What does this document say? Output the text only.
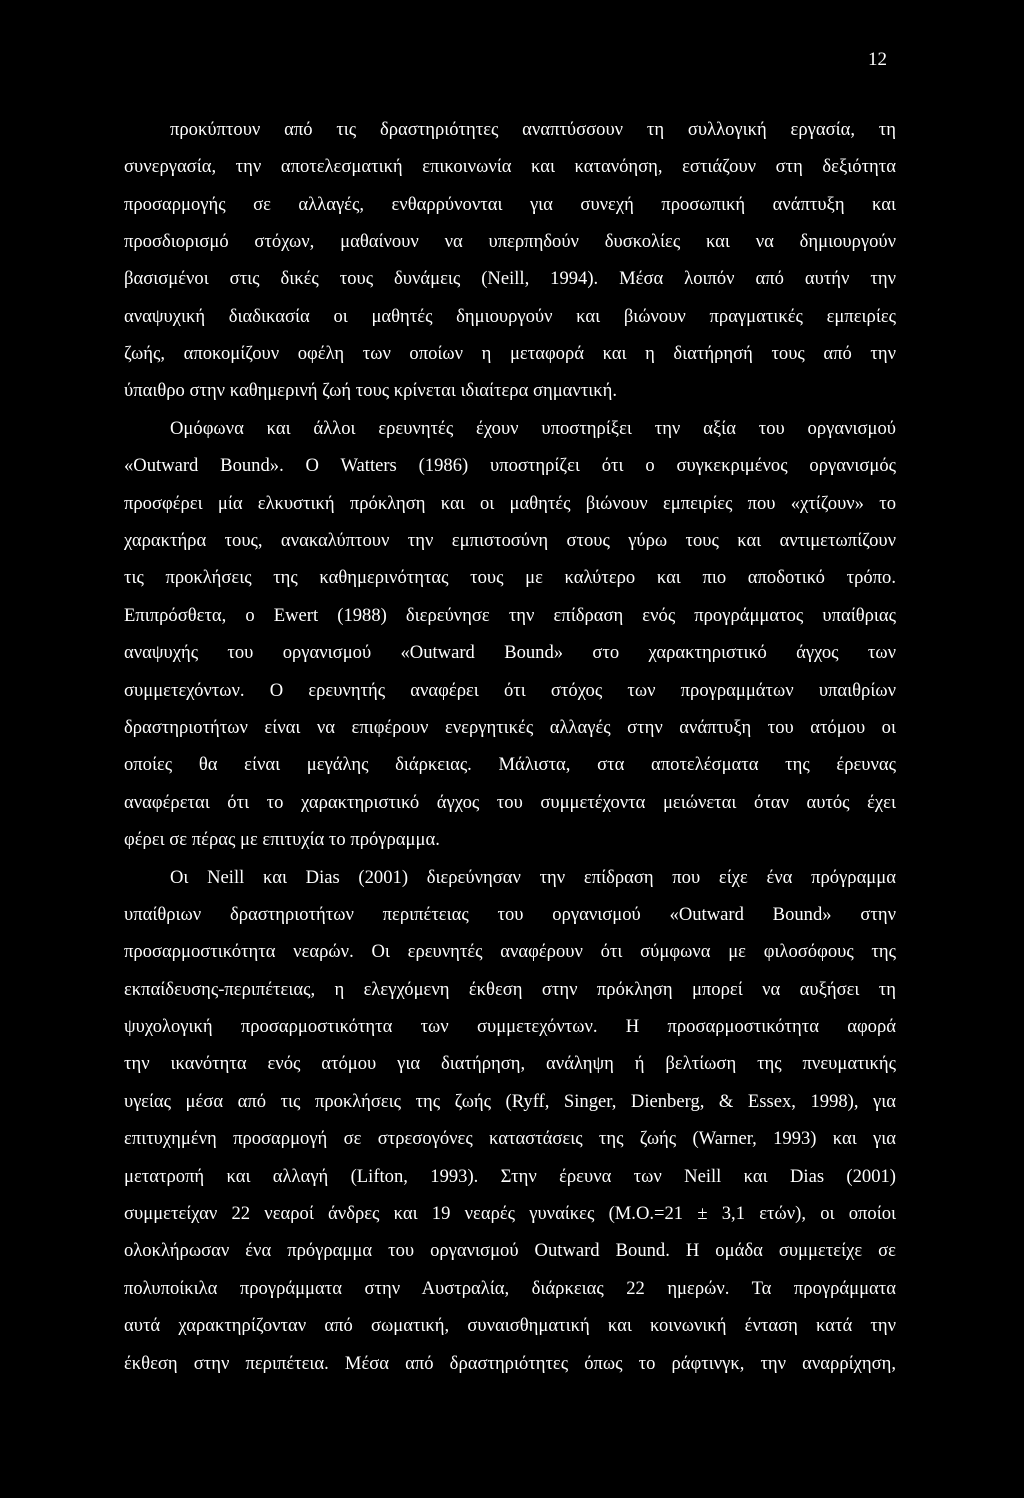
12
προκύπτουν από τις δραστηριότητες αναπτύσσουν τη συλλογική εργασία, τη
συνεργασία, την αποτελεσματική επικοινωνία και κατανόηση, εστιάζουν στη δεξιότητα
προσαρμογής σε αλλαγές, ενθαρρύνονται για συνεχή προσωπική ανάπτυξη και
προσδιορισμό στόχων, μαθαίνουν να υπερπηδούν δυσκολίες και να δημιουργούν
βασισμένοι στις δικές τους δυνάμεις (Neill, 1994). Μέσα λοιπόν από αυτήν την
αναψυχική διαδικασία οι μαθητές δημιουργούν και βιώνουν πραγματικές εμπειρίες
ζωής, αποκομίζουν οφέλη των οποίων η μεταφορά και η διατήρησή τους από την
ύπαιθρο στην καθημερινή ζωή τους κρίνεται ιδιαίτερα σημαντική.
Ομόφωνα και άλλοι ερευνητές έχουν υποστηρίξει την αξία του οργανισμού
«Outward Bound». O Watters (1986) υποστηρίζει ότι ο συγκεκριμένος οργανισμός
προσφέρει μία ελκυστική πρόκληση και οι μαθητές βιώνουν εμπειρίες που «χτίζουν» το
χαρακτήρα τους, ανακαλύπτουν την εμπιστοσύνη στους γύρω τους και αντιμετωπίζουν
τις προκλήσεις της καθημερινότητας τους με καλύτερο και πιο αποδοτικό τρόπο.
Επιπρόσθετα, ο Ewert (1988) διερεύνησε την επίδραση ενός προγράμματος υπαίθριας
αναψυχής του οργανισμού «Outward Bound» στο χαρακτηριστικό άγχος των
συμμετεχόντων. Ο ερευνητής αναφέρει ότι στόχος των προγραμμάτων υπαιθρίων
δραστηριοτήτων είναι να επιφέρουν ενεργητικές αλλαγές στην ανάπτυξη του ατόμου οι
οποίες θα είναι μεγάλης διάρκειας. Μάλιστα, στα αποτελέσματα της έρευνας
αναφέρεται ότι το χαρακτηριστικό άγχος του συμμετέχοντα μειώνεται όταν αυτός έχει
φέρει σε πέρας με επιτυχία το πρόγραμμα.
Οι Neill και Dias (2001) διερεύνησαν την επίδραση που είχε ένα πρόγραμμα
υπαίθριων δραστηριοτήτων περιπέτειας του οργανισμού «Outward Bound» στην
προσαρμοστικότητα νεαρών. Οι ερευνητές αναφέρουν ότι σύμφωνα με φιλοσόφους της
εκπαίδευσης-περιπέτειας, η ελεγχόμενη έκθεση στην πρόκληση μπορεί να αυξήσει τη
ψυχολογική προσαρμοστικότητα των συμμετεχόντων. Η προσαρμοστικότητα αφορά
την ικανότητα ενός ατόμου για διατήρηση, ανάληψη ή βελτίωση της πνευματικής
υγείας μέσα από τις προκλήσεις της ζωής (Ryff, Singer, Dienberg, & Essex, 1998), για
επιτυχημένη προσαρμογή σε στρεσογόνες καταστάσεις της ζωής (Warner, 1993) και για
μετατροπή και αλλαγή (Lifton, 1993). Στην έρευνα των Neill και Dias (2001)
συμμετείχαν 22 νεαροί άνδρες και 19 νεαρές γυναίκες (Μ.Ο.=21 ± 3,1 ετών), οι οποίοι
ολοκλήρωσαν ένα πρόγραμμα του οργανισμού Outward Bound. Η ομάδα συμμετείχε σε
πολυποίκιλα προγράμματα στην Αυστραλία, διάρκειας 22 ημερών. Τα προγράμματα
αυτά χαρακτηρίζονταν από σωματική, συναισθηματική και κοινωνική ένταση κατά την
έκθεση στην περιπέτεια. Μέσα από δραστηριότητες όπως το ράφτινγκ, την αναρρίχηση,
